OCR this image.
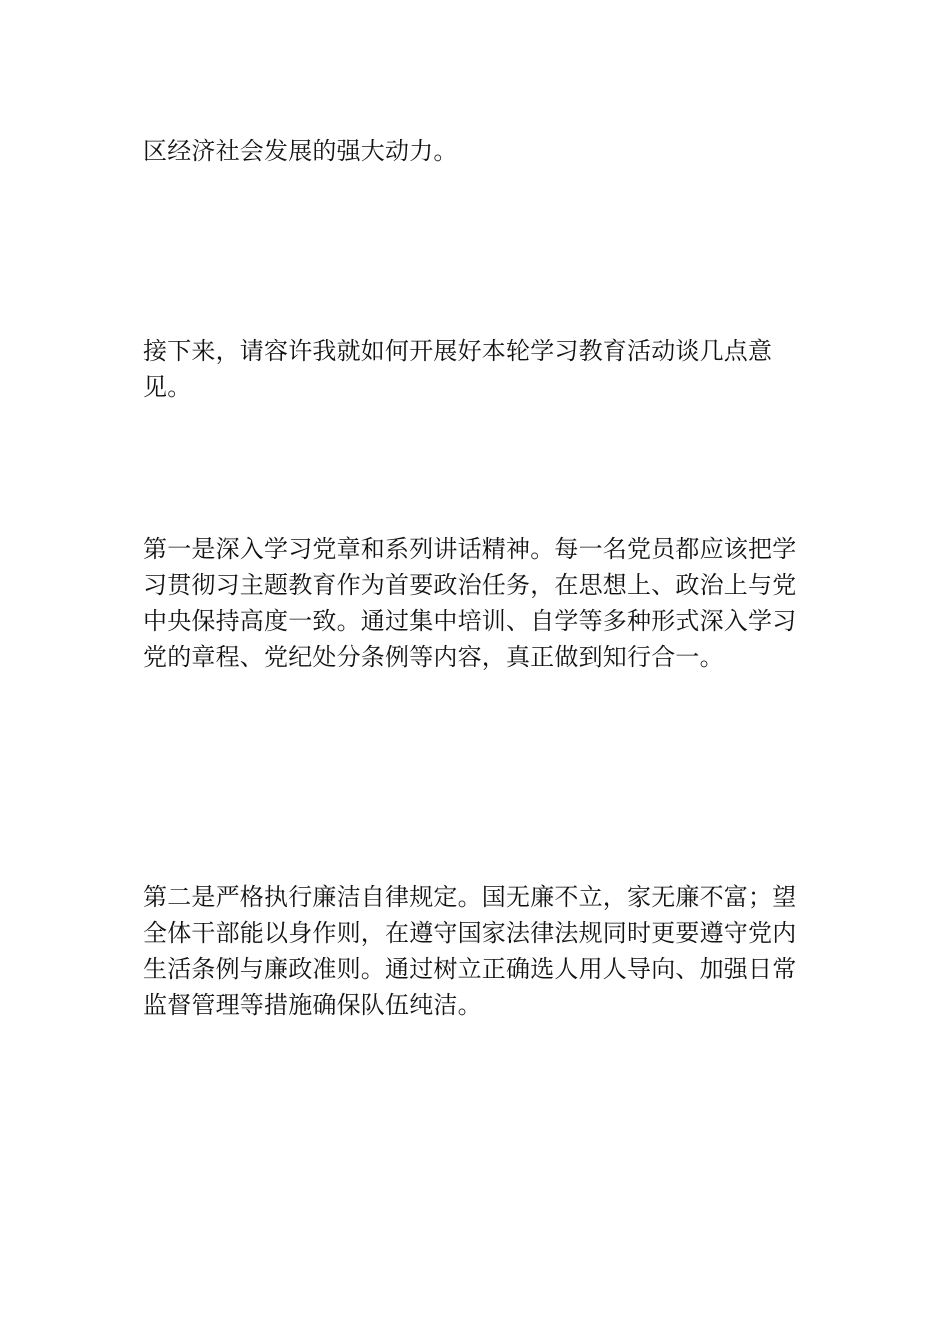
区经济社会发展的强大动力。

接下来，请容许我就如何开展好本轮学习教育活动谈几点意见。

第一是深入学习党章和系列讲话精神。每一名党员都应该把学习贯彻习主题教育作为首要政治任务，在思想上、政治上与党中央保持高度一致。通过集中培训、自学等多种形式深入学习党的章程、党纪处分条例等内容，真正做到知行合一。

第二是严格执行廉洁自律规定。国无廉不立，家无廉不富；望全体干部能以身作则，在遵守国家法律法规同时更要遵守党内生活条例与廉政准则。通过树立正确选人用人导向、加强日常监督管理等措施确保队伍纯洁。
